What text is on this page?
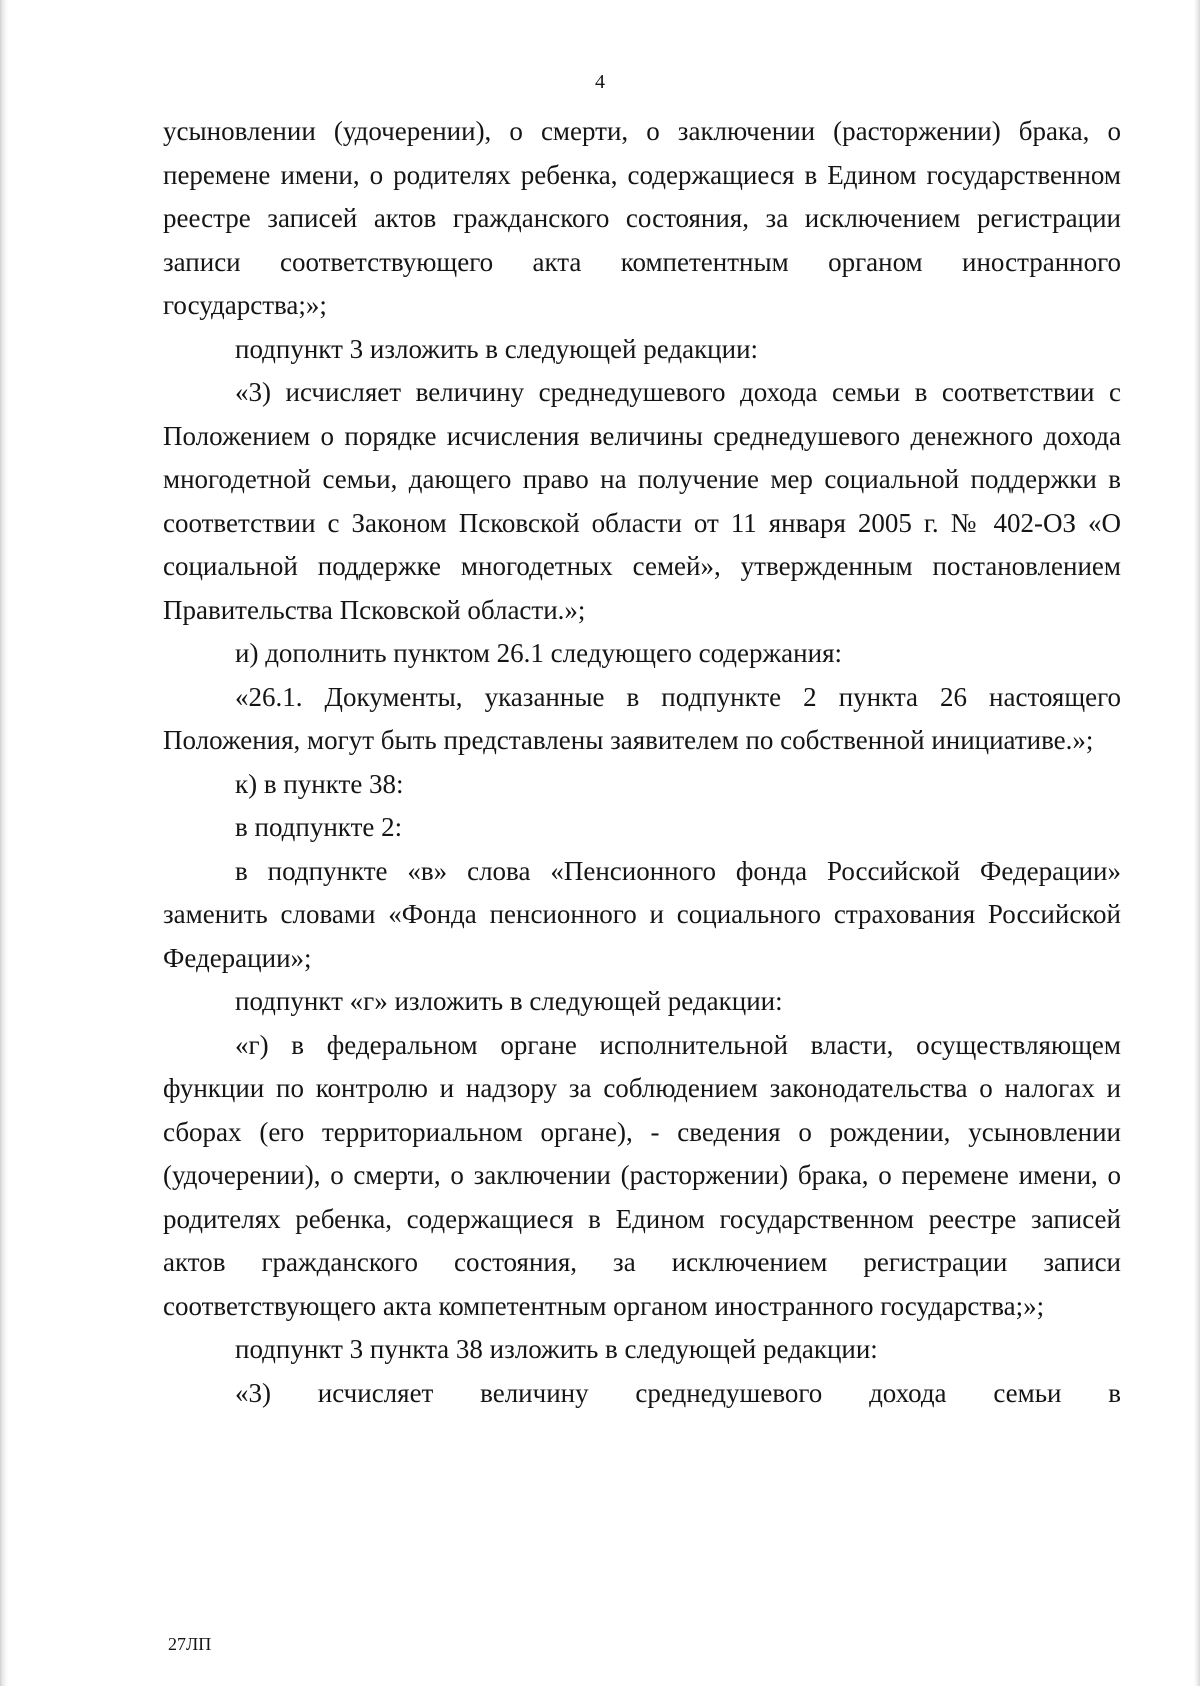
4

усыновлении (удочерении), о смерти, о заключении (расторжении) брака, о перемене имени, о родителях ребенка, содержащиеся в Едином государственном реестре записей актов гражданского состояния, за исключением регистрации записи соответствующего акта компетентным органом иностранного государства;»;

подпункт 3 изложить в следующей редакции:

«3) исчисляет величину среднедушевого дохода семьи в соответствии с Положением о порядке исчисления величины среднедушевого денежного дохода многодетной семьи, дающего право на получение мер социальной поддержки в соответствии с Законом Псковской области от 11 января 2005 г. № 402-ОЗ «О социальной поддержке многодетных семей», утвержденным постановлением Правительства Псковской области.»;

и) дополнить пунктом 26.1 следующего содержания:

«26.1. Документы, указанные в подпункте 2 пункта 26 настоящего Положения, могут быть представлены заявителем по собственной инициативе.»;

к) в пункте 38:

в подпункте 2:

в подпункте «в» слова «Пенсионного фонда Российской Федерации» заменить словами «Фонда пенсионного и социального страхования Российской Федерации»;

подпункт «г» изложить в следующей редакции:

«г) в федеральном органе исполнительной власти, осуществляющем функции по контролю и надзору за соблюдением законодательства о налогах и сборах (его территориальном органе), - сведения о рождении, усыновлении (удочерении), о смерти, о заключении (расторжении) брака, о перемене имени, о родителях ребенка, содержащиеся в Едином государственном реестре записей актов гражданского состояния, за исключением регистрации записи соответствующего акта компетентным органом иностранного государства;»;

подпункт 3 пункта 38 изложить в следующей редакции:

«3) исчисляет величину среднедушевого дохода семьи в

27ЛП
